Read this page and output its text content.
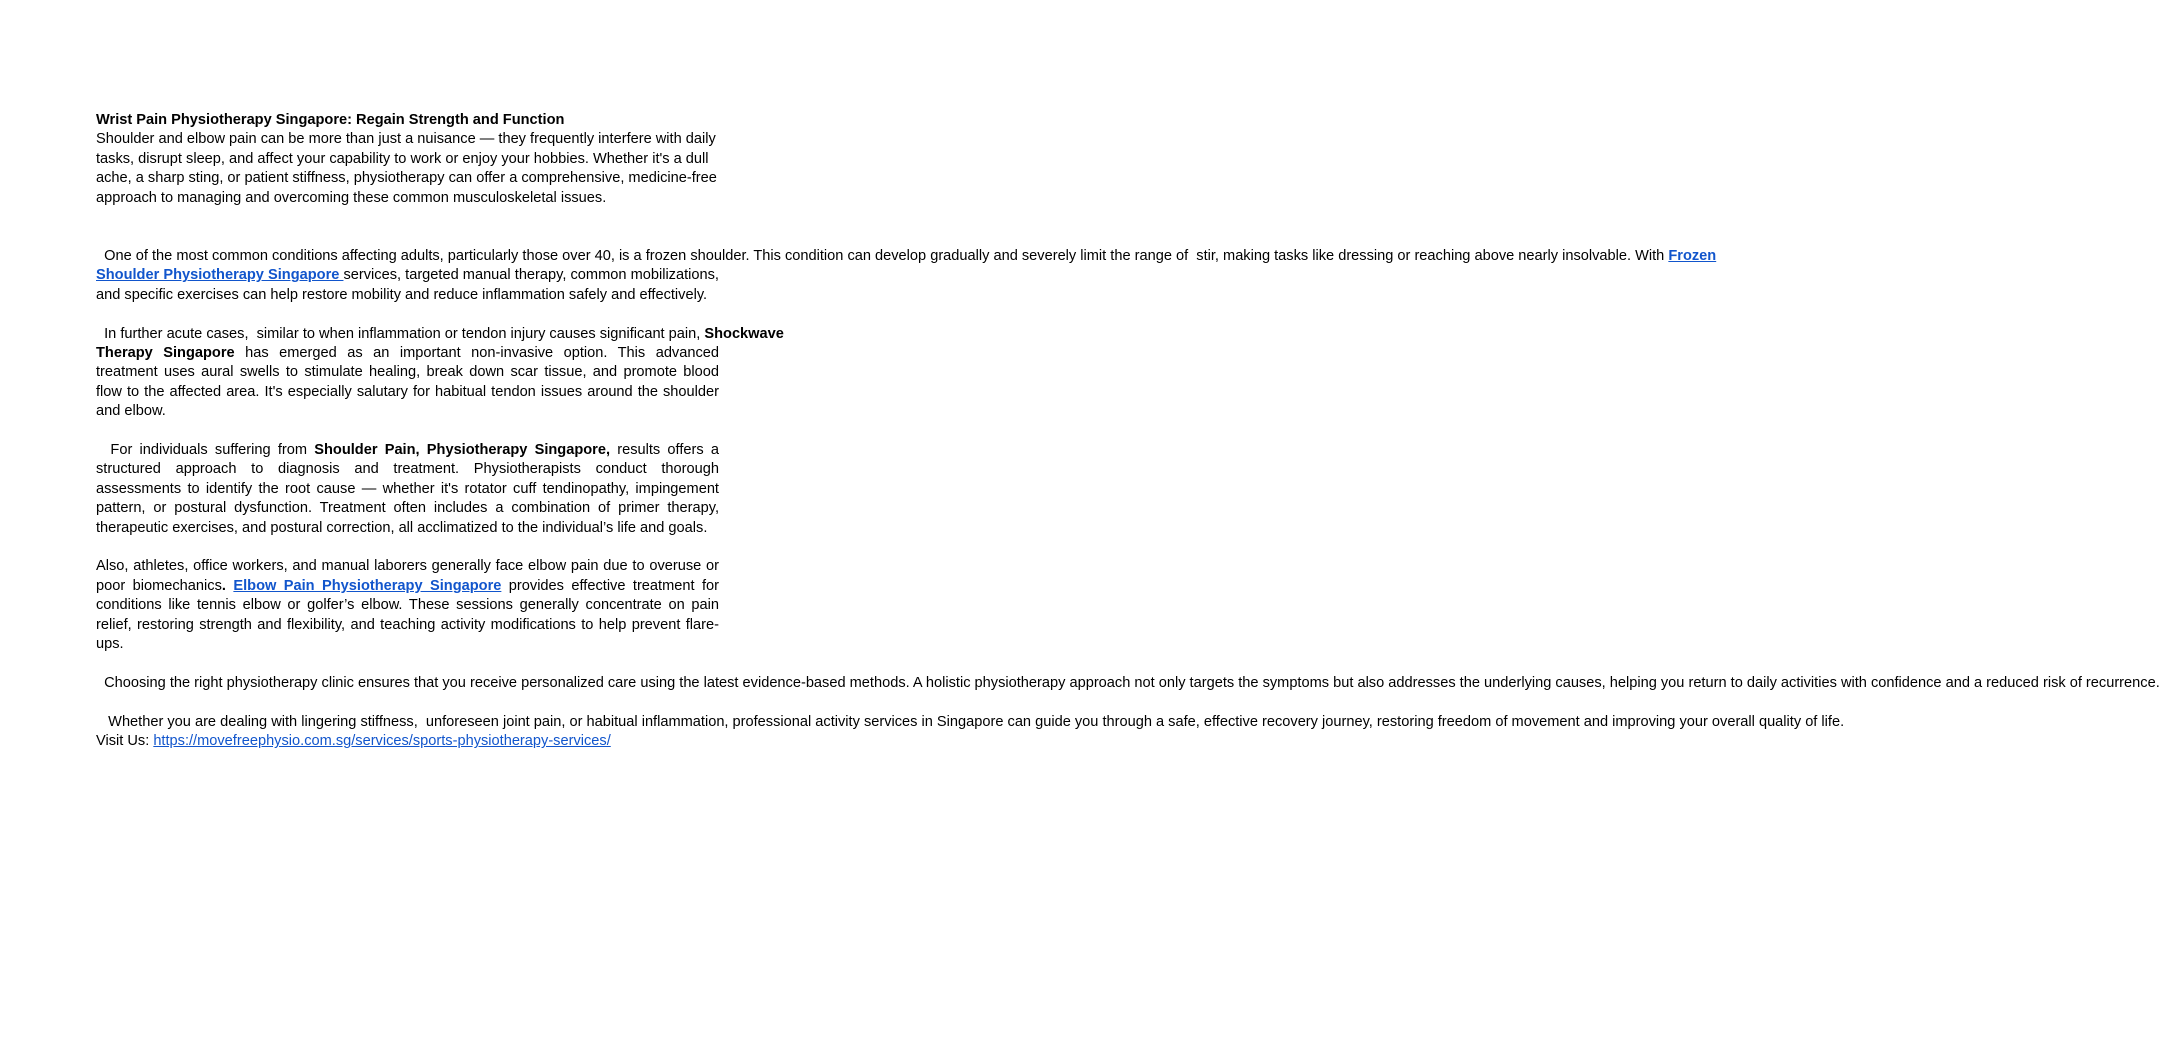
Wrist Pain Physiotherapy Singapore: Regain Strength and Function

Shoulder and elbow pain can be more than just a nuisance — they frequently interfere with daily tasks, disrupt sleep, and affect your capability to work or enjoy your hobbies. Whether it's a dull ache, a sharp sting, or patient stiffness, physiotherapy can offer a comprehensive, medicine-free approach to managing and overcoming these common musculoskeletal issues.

One of the most common conditions affecting adults, particularly those over 40, is a frozen shoulder. This condition can develop gradually and severely limit the range of  stir, making tasks like dressing or reaching above nearly insolvable. With Frozen Shoulder Physiotherapy Singapore services, targeted manual therapy, common mobilizations, and specific exercises can help restore mobility and reduce inflammation safely and effectively.

In further acute cases,  similar to when inflammation or tendon injury causes significant pain, Shockwave Therapy Singapore has emerged as an important non-invasive option. This advanced treatment uses aural swells to stimulate healing, break down scar tissue, and promote blood flow to the affected area. It's especially salutary for habitual tendon issues around the shoulder and elbow.

For individuals suffering from Shoulder Pain, Physiotherapy Singapore, results offers a structured approach to diagnosis and treatment. Physiotherapists conduct thorough assessments to identify the root cause — whether it's rotator cuff tendinopathy, impingement pattern, or postural dysfunction. Treatment often includes a combination of primer therapy, therapeutic exercises, and postural correction, all acclimatized to the individual’s life and goals.

Also, athletes, office workers, and manual laborers generally face elbow pain due to overuse or poor biomechanics. Elbow Pain Physiotherapy Singapore provides effective treatment for conditions like tennis elbow or golfer’s elbow. These sessions generally concentrate on pain relief, restoring strength and flexibility, and teaching activity modifications to help prevent flare-ups.

Choosing the right physiotherapy clinic ensures that you receive personalized care using the latest evidence-based methods. A holistic physiotherapy approach not only targets the symptoms but also addresses the underlying causes, helping you return to daily activities with confidence and a reduced risk of recurrence.

Whether you are dealing with lingering stiffness,  unforeseen joint pain, or habitual inflammation, professional activity services in Singapore can guide you through a safe, effective recovery journey, restoring freedom of movement and improving your overall quality of life.

Visit Us: https://movefreephysio.com.sg/services/sports-physiotherapy-services/
